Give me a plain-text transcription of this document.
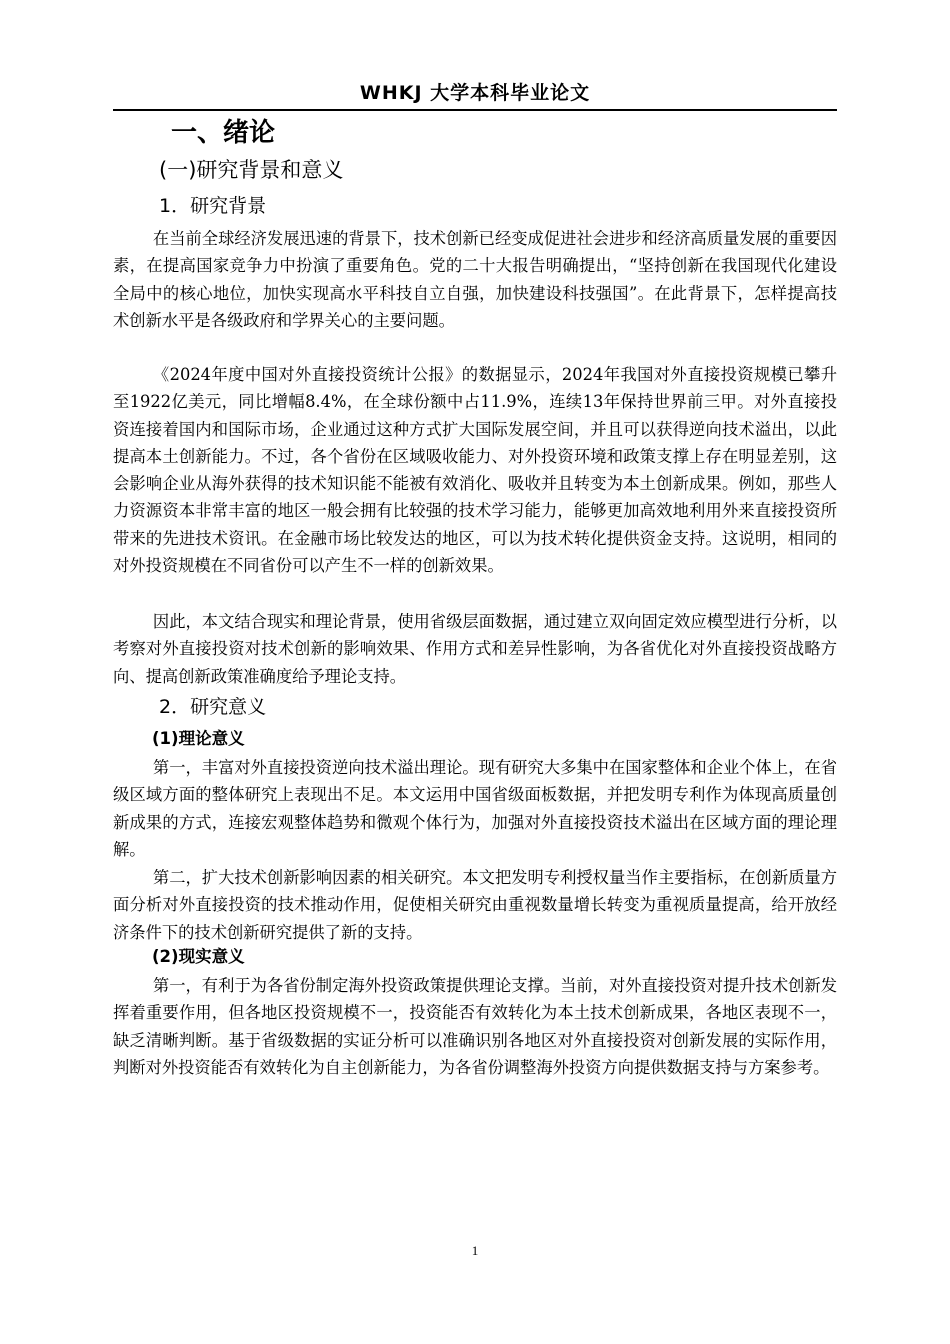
WHKJ 大学本科毕业论文
一、绪论
(一)研究背景和意义
1．研究背景

在当前全球经济发展迅速的背景下，技术创新已经变成促进社会进步和经济高质量发展的重要因素，在提高国家竞争力中扮演了重要角色。党的二十大报告明确提出，“坚持创新在我国现代化建设全局中的核心地位，加快实现高水平科技自立自强，加快建设科技强国”。在此背景下，怎样提高技术创新水平是各级政府和学界关心的主要问题。

《2024年度中国对外直接投资统计公报》的数据显示，2024年我国对外直接投资规模已攀升至1922亿美元，同比增幅8.4%，在全球份额中占11.9%，连续13年保持世界前三甲。对外直接投资连接着国内和国际市场，企业通过这种方式扩大国际发展空间，并且可以获得逆向技术溢出，以此提高本土创新能力。不过，各个省份在区域吸收能力、对外投资环境和政策支撑上存在明显差别，这会影响企业从海外获得的技术知识能不能被有效消化、吸收并且转变为本土创新成果。例如，那些人力资源资本非常丰富的地区一般会拥有比较强的技术学习能力，能够更加高效地利用外来直接投资所带来的先进技术资讯。在金融市场比较发达的地区，可以为技术转化提供资金支持。这说明，相同的对外投资规模在不同省份可以产生不一样的创新效果。

因此，本文结合现实和理论背景，使用省级层面数据，通过建立双向固定效应模型进行分析，以考察对外直接投资对技术创新的影响效果、作用方式和差异性影响，为各省优化对外直接投资战略方向、提高创新政策准确度给予理论支持。

2．研究意义
(1)理论意义

第一，丰富对外直接投资逆向技术溢出理论。现有研究大多集中在国家整体和企业个体上，在省级区域方面的整体研究上表现出不足。本文运用中国省级面板数据，并把发明专利作为体现高质量创新成果的方式，连接宏观整体趋势和微观个体行为，加强对外直接投资技术溢出在区域方面的理论理解。

第二，扩大技术创新影响因素的相关研究。本文把发明专利授权量当作主要指标，在创新质量方面分析对外直接投资的技术推动作用，促使相关研究由重视数量增长转变为重视质量提高，给开放经济条件下的技术创新研究提供了新的支持。

(2)现实意义

第一，有利于为各省份制定海外投资政策提供理论支撑。当前，对外直接投资对提升技术创新发挥着重要作用，但各地区投资规模不一，投资能否有效转化为本土技术创新成果，各地区表现不一，缺乏清晰判断。基于省级数据的实证分析可以准确识别各地区对外直接投资对创新发展的实际作用，判断对外投资能否有效转化为自主创新能力，为各省份调整海外投资方向提供数据支持与方案参考。

1
